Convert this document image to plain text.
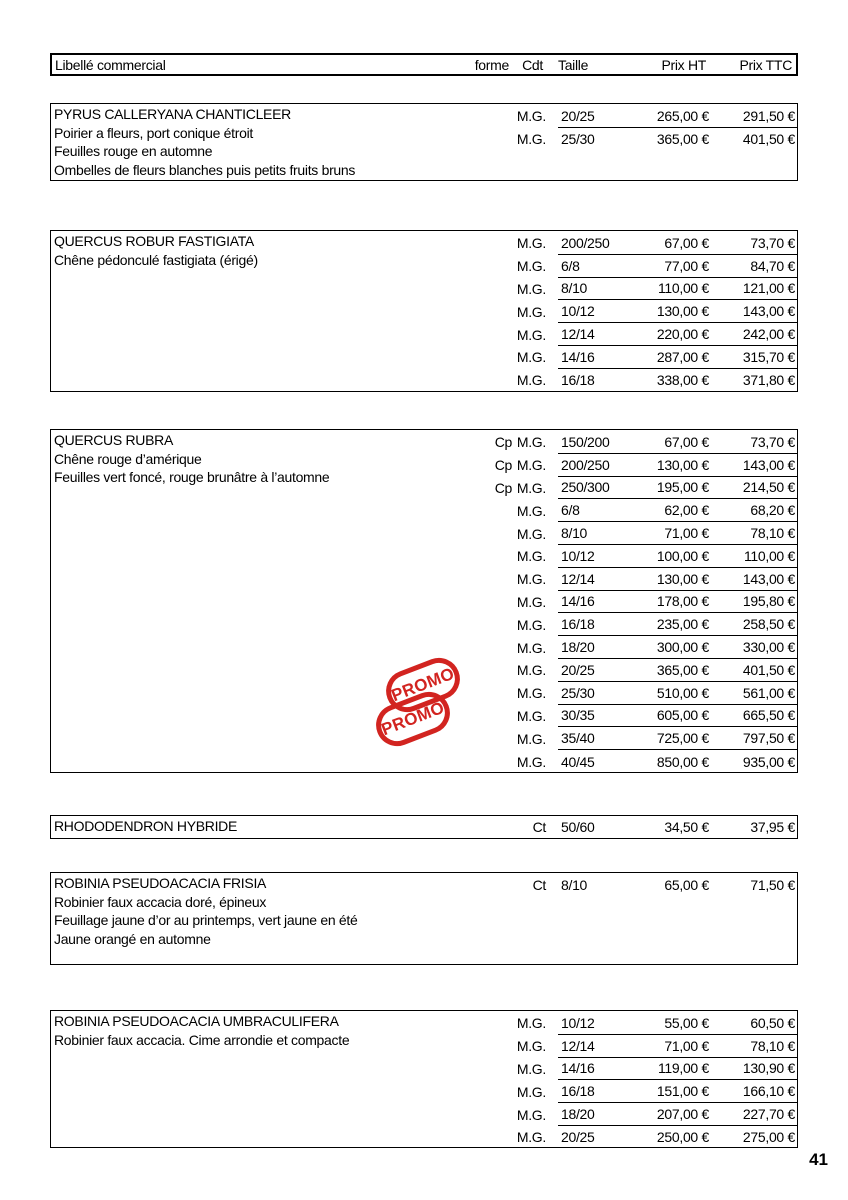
Libellé commercial	forme Cdt Taille	Prix HT	Prix TTC
PYRUS CALLERYANA CHANTICLEER
Poirier a fleurs, port conique étroit
Feuilles rouge en automne
Ombelles de fleurs blanches puis petits fruits bruns
M.G. 20/25	265,00 €	291,50 €
M.G. 25/30	365,00 €	401,50 €
QUERCUS ROBUR FASTIGIATA
Chêne pédonculé fastigiata (érigé)
M.G. 200/250	67,00 €	73,70 €
M.G. 6/8	77,00 €	84,70 €
M.G. 8/10	110,00 €	121,00 €
M.G. 10/12	130,00 €	143,00 €
M.G. 12/14	220,00 €	242,00 €
M.G. 14/16	287,00 €	315,70 €
M.G. 16/18	338,00 €	371,80 €
QUERCUS RUBRA
Chêne rouge d’amérique
Feuilles vert foncé, rouge brunâtre à l’automne
Cp M.G. 150/200	67,00 €	73,70 €
Cp M.G. 200/250	130,00 €	143,00 €
Cp M.G. 250/300	195,00 €	214,50 €
M.G. 6/8	62,00 €	68,20 €
M.G. 8/10	71,00 €	78,10 €
M.G. 10/12	100,00 €	110,00 €
M.G. 12/14	130,00 €	143,00 €
M.G. 14/16	178,00 €	195,80 €
M.G. 16/18	235,00 €	258,50 €
M.G. 18/20	300,00 €	330,00 €
M.G. 20/25	365,00 €	401,50 €
M.G. 25/30	510,00 €	561,00 €
M.G. 30/35	605,00 €	665,50 €
M.G. 35/40	725,00 €	797,50 €
M.G. 40/45	850,00 €	935,00 €
PROMO
PROMO
RHODODENDRON HYBRIDE	Ct 50/60	34,50 €	37,95 €
ROBINIA PSEUDOACACIA FRISIA
Robinier faux accacia doré, épineux
Feuillage jaune d’or au printemps, vert jaune en été
Jaune orangé en automne
Ct 8/10	65,00 €	71,50 €
ROBINIA PSEUDOACACIA UMBRACULIFERA
Robinier faux accacia. Cime arrondie et compacte
M.G. 10/12	55,00 €	60,50 €
M.G. 12/14	71,00 €	78,10 €
M.G. 14/16	119,00 €	130,90 €
M.G. 16/18	151,00 €	166,10 €
M.G. 18/20	207,00 €	227,70 €
M.G. 20/25	250,00 €	275,00 €
41
